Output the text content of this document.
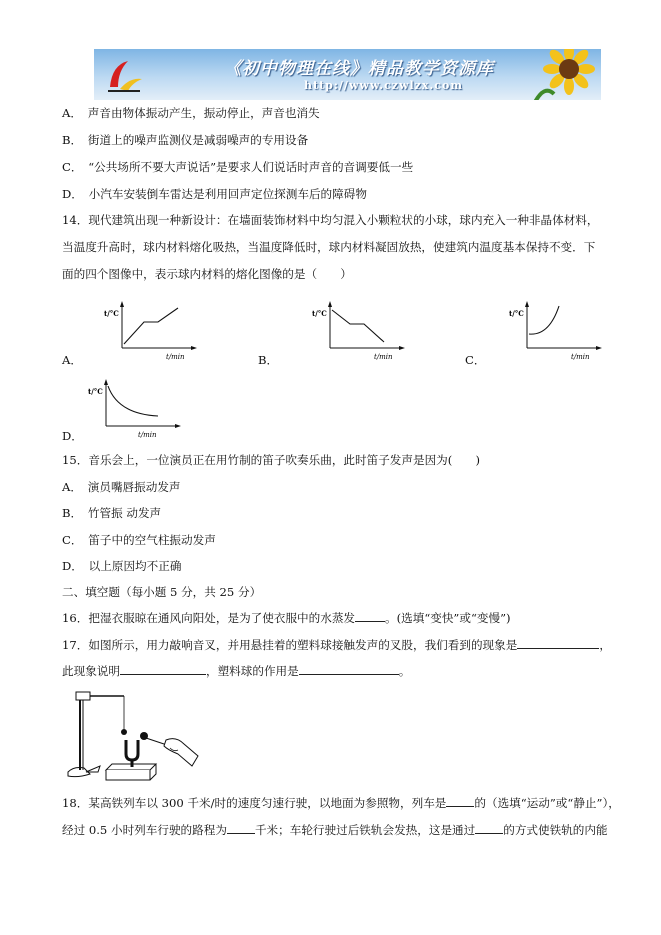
《初中物理在线》精品教学资源库
http://www.czwlzx.com
A．　声音由物体振动产生，振动停止，声音也消失
B．　街道上的噪声监测仪是减弱噪声的专用设备
C．　“公共场所不要大声说话”是要求人们说话时声音的音调要低一些
D．　小汽车安装倒车雷达是利用回声定位探测车后的障碍物
14．现代建筑出现一种新设计：在墙面装饰材料中均匀混入小颗粒状的小球，球内充入一种非晶体材料，
当温度升高时，球内材料熔化吸热，当温度降低时，球内材料凝固放热，使建筑内温度基本保持不变．下
面的四个图像中，表示球内材料的熔化图像的是（　　）
A．
t/°C
t/min	B．
t/°C
t/min	C．
t/°C
t/min
D．
t/°C
t/min
15．音乐会上，一位演员正在用竹制的笛子吹奏乐曲，此时笛子发声是因为(　　)
A．　演员嘴唇振动发声
B．　竹管振 动发声
C．　笛子中的空气柱振动发声
D．　以上原因均不正确
二、填空题（每小题 5 分，共 25 分）
16．把湿衣服晾在通风向阳处，是为了使衣服中的水蒸发	。(选填“变快”或“变慢”)
17．如图所示，用力敲响音叉，并用悬挂着的塑料球接触发声的叉股，我们看到的现象是	，
此现象说明	，塑料球的作用是	。
18．某高铁列车以 300 千米/时的速度匀速行驶，以地面为参照物，列车是 的（选填“运动”或“静止”），
经过 0.5 小时列车行驶的路程为 千米；车轮行驶过后铁轨会发热，这是通过 的方式使铁轨的内能
